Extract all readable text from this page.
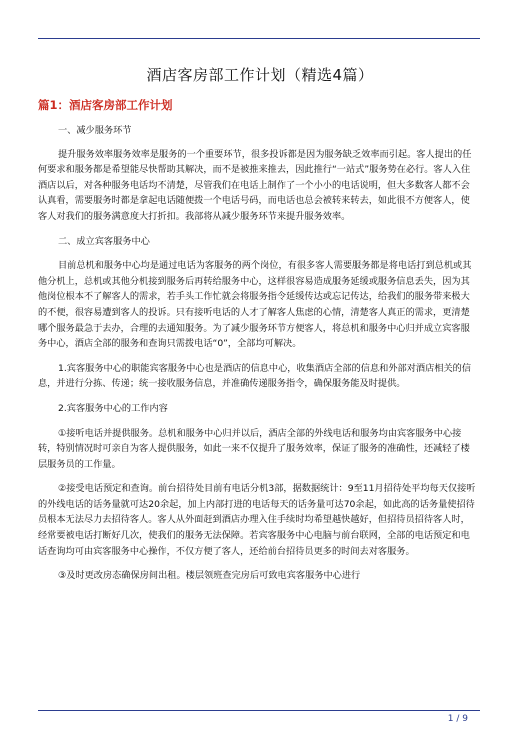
酒店客房部工作计划（精选4篇）
篇1：酒店客房部工作计划

一、减少服务环节

提升服务效率服务效率是服务的一个重要环节，很多投诉都是因为服务缺乏效率而引起。客人提出的任何要求和服务都是希望能尽快帮助其解决，而不是被推来推去，因此推行“一站式”服务势在必行。客人入住酒店以后，对各种服务电话均不清楚，尽管我们在电话上制作了一个小小的电话说明，但大多数客人都不会认真看，需要服务时都是拿起电话随便拨一个电话号码，而电话也总会被转来转去，如此很不方便客人，使客人对我们的服务满意度大打折扣。我部将从减少服务环节来提升服务效率。

二、成立宾客服务中心

目前总机和服务中心均是通过电话为客服务的两个岗位，有很多客人需要服务都是将电话打到总机或其他分机上，总机或其他分机接到服务后再转给服务中心，这样很容易造成服务延缓或服务信息丢失，因为其他岗位根本不了解客人的需求，若手头工作忙就会将服务指令延缓传达或忘记传达，给我们的服务带来极大的不便，很容易遭到客人的投诉。只有接听电话的人才了解客人焦虑的心情，清楚客人真正的需求，更清楚哪个服务最急于去办，合理的去通知服务。为了减少服务环节方便客人，将总机和服务中心归并成立宾客服务中心，酒店全部的服务和查询只需拨电话“0”，全部均可解决。

1.宾客服务中心的职能宾客服务中心也是酒店的信息中心，收集酒店全部的信息和外部对酒店相关的信息，并进行分拣、传递；统一接收服务信息，并准确传递服务指令，确保服务能及时提供。

2.宾客服务中心的工作内容

①接听电话并提供服务。总机和服务中心归并以后，酒店全部的外线电话和服务均由宾客服务中心接转，特别情况时可亲自为客人提供服务，如此一来不仅提升了服务效率，保证了服务的准确性，还减轻了楼层服务员的工作量。

②接受电话预定和查询。前台招待处目前有电话分机3部，据数据统计：9至11月招待处平均每天仅接听的外线电话的话务量就可达20余起，加上内部打进的电话每天的话务量可达70余起，如此高的话务量使招待员根本无法尽力去招待客人。客人从外面赶到酒店办理入住手续时均希望越快越好，但招待员招待客人时，经常要被电话打断好几次，使我们的服务无法保障。若宾客服务中心电脑与前台联网，全部的电话预定和电话查询均可由宾客服务中心操作，不仅方便了客人，还给前台招待员更多的时间去对客服务。

③及时更改房态确保房间出租。楼层领班查完房后可致电宾客服务中心进行

1 / 9
